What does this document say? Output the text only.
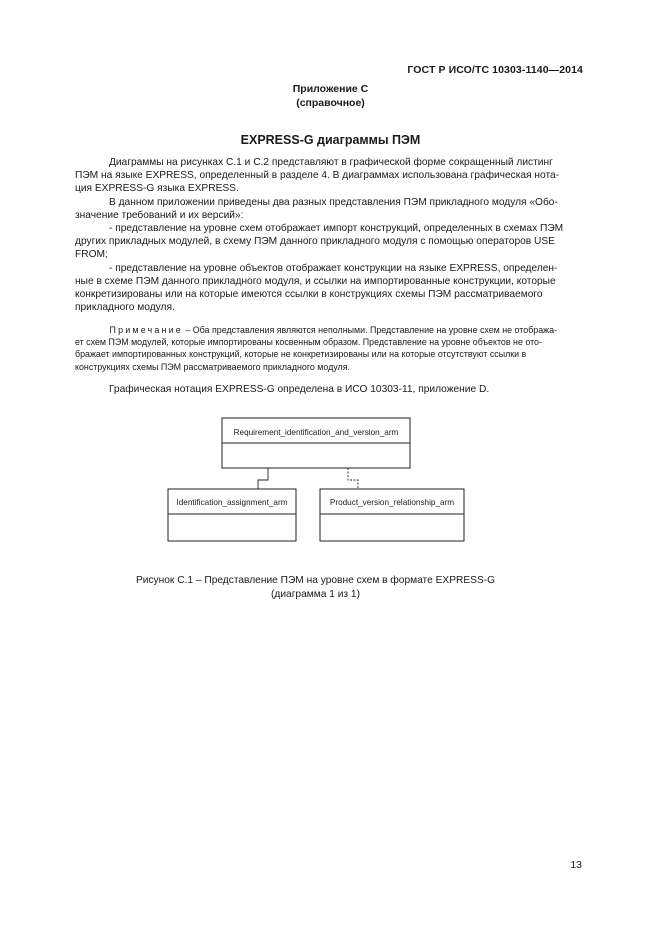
ГОСТ Р ИСО/ТС 10303-1140—2014
Приложение С
(справочное)
EXPRESS-G диаграммы ПЭМ
Диаграммы на рисунках С.1 и С.2 представляют в графической форме сокращенный листинг
ПЭМ на языке EXPRESS, определенный в разделе 4. В диаграммах использована графическая нота-
ция EXPRESS-G языка EXPRESS.
В данном приложении приведены два разных представления ПЭМ прикладного модуля «Обо-
значение требований и их версий»:
- представление на уровне схем отображает импорт конструкций, определенных в схемах ПЭМ
других прикладных модулей, в схему ПЭМ данного прикладного модуля с помощью операторов USE
FROM;
- представление на уровне объектов отображает конструкции на языке EXPRESS, определен-
ные в схеме ПЭМ данного прикладного модуля, и ссылки на импортированные конструкции, которые
конкретизированы или на которые имеются ссылки в конструкциях схемы ПЭМ рассматриваемого
прикладного модуля.
Примечание – Оба представления являются неполными. Представление на уровне схем не отобража-
ет схем ПЭМ модулей, которые импортированы косвенным образом. Представление на уровне объектов не ото-
бражает импортированных конструкций, которые не конкретизированы или на которые отсутствуют ссылки в
конструкциях схемы ПЭМ рассматриваемого прикладного модуля.
Графическая нотация EXPRESS-G определена в ИСО 10303-11, приложение D.
Requirement_identification_and_version_arm
Identification_assignment_arm	Product_version_relationship_arm
Рисунок С.1 – Представление ПЭМ на уровне схем в формате EXPRESS-G
(диаграмма 1 из 1)
13
